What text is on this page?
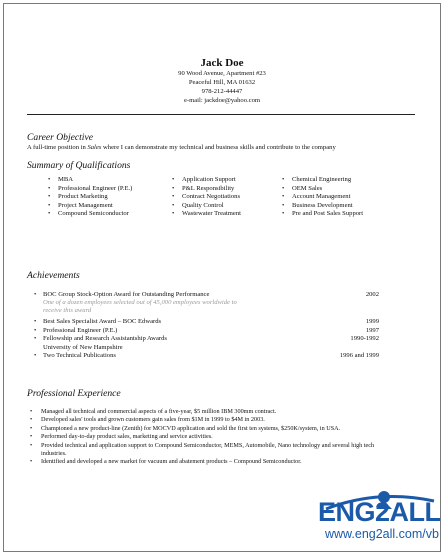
Jack Doe
90 Wood Avenue, Apartment #23
Peaceful Hill, MA 01632
978-212-44447
e-mail: jackdoe@yahoo.com
Career Objective
A full-time position in Sales where I can demonstrate my technical and business skills and contribute to the company
Summary of Qualifications
• MBA
• Professional Engineer (P.E.)
• Product Marketing
• Project Management
• Compound Semiconductor
• Application Support
• P&L Responsibility
• Contract Negotiations
• Quality Control
• Wastewater Treatment
• Chemical Engineering
• OEM Sales
• Account Management
• Business Development
• Pre and Post Sales Support
Achievements
• BOC Group Stock-Option Award for Outstanding Performance	2002
One of a dozen employees selected out of 45,000 employees worldwide to
receive this award
• Best Sales Specialist Award – BOC Edwards	1999
• Professional Engineer (P.E.)	1997
• Fellowship and Research Assistantship Awards	1990-1992
University of New Hampshire
• Two Technical Publications	1996 and 1999
Professional Experience
• Managed all technical and commercial aspects of a five-year, $5 million IBM 300mm contract.
• Developed sales' tools and grown customers gain sales from $1M in 1999 to $4M in 2003.
• Championed a new product-line (Zenith) for MOCVD application and sold the first ten systems, $250K/system, in USA.
• Performed day-to-day product sales, marketing and service activities.
• Provided technical and application support to Compound Semiconductor, MEMS, Automobile, Nano technology and several high tech industries.
• Identified and developed a new market for vacuum and abatement products – Compound Semiconductor.
ENG2ALL
www.eng2all.com/vb
